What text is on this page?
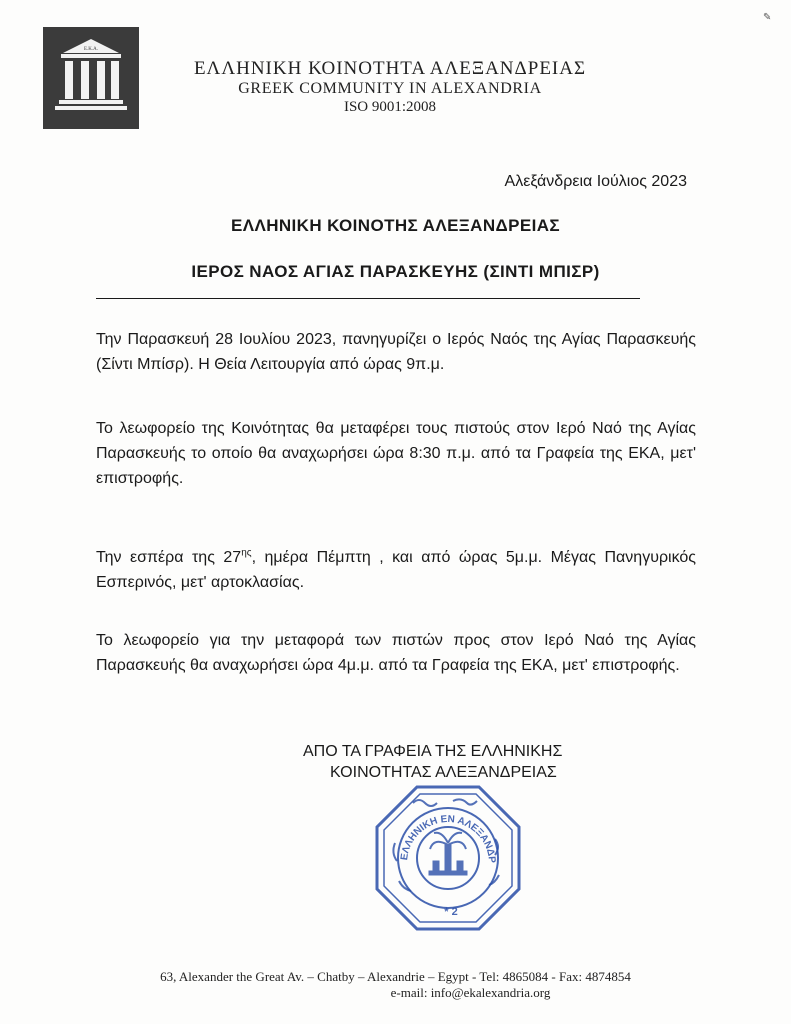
✎
Ε.Κ.Α.
ΕΛΛΗΝΙΚΗ ΚΟΙΝΟΤΗΤΑ ΑΛΕΞΑΝΔΡΕΙΑΣ
GREEK COMMUNITY IN ALEXANDRIA
ISO 9001:2008
Αλεξάνδρεια Ιούλιος 2023
ΕΛΛΗΝΙΚΗ ΚΟΙΝΟΤΗΣ ΑΛΕΞΑΝΔΡΕΙΑΣ
ΙΕΡΟΣ ΝΑΟΣ ΑΓΙΑΣ ΠΑΡΑΣΚΕΥΗΣ (ΣΙΝΤΙ ΜΠΙΣΡ)
Την Παρασκευή 28 Ιουλίου 2023, πανηγυρίζει ο Ιερός Ναός της Αγίας Παρασκευής (Σίντι Μπίσρ). Η Θεία Λειτουργία από ώρας 9π.μ.
Το λεωφορείο της Κοινότητας θα μεταφέρει τους πιστούς στον Ιερό Ναό της Αγίας Παρασκευής το οποίο θα αναχωρήσει ώρα 8:30 π.μ. από τα Γραφεία της ΕΚΑ, μετ' επιστροφής.
Την εσπέρα της $27^{\eta\varsigma}$, ημέρα Πέμπτη , και από ώρας 5μ.μ. Μέγας Πανηγυρικός Εσπερινός, μετ' αρτοκλασίας.
Το λεωφορείο για την μεταφορά των πιστών προς στον Ιερό Ναό της Αγίας Παρασκευής θα αναχωρήσει ώρα 4μ.μ. από τα Γραφεία της ΕΚΑ, μετ' επιστροφής.
ΑΠΟ ΤΑ ΓΡΑΦΕΙΑ ΤΗΣ ΕΛΛΗΝΙΚΗΣ
ΚΟΙΝΟΤΗΤΑΣ ΑΛΕΞΑΝΔΡΕΙΑΣ
ΕΛΛΗΝΙΚΗ ΕΝ ΑΛΕΞΑΝΔΡ
* 2
63, Alexander the Great Av. – Chatby – Alexandrie – Egypt - Tel: 4865084 - Fax: 4874854
e-mail: info@ekalexandria.org
